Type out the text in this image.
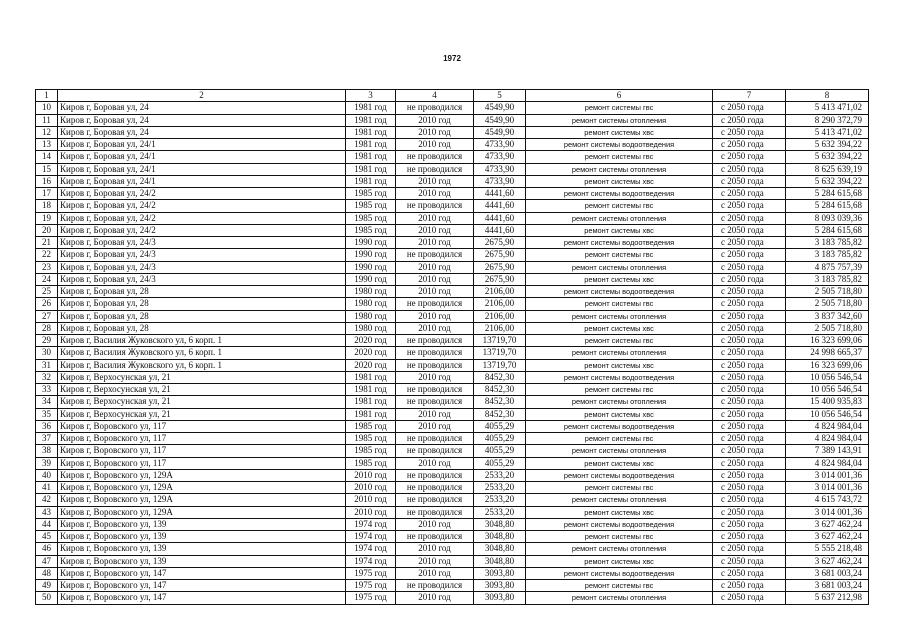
1972
1	2	3	4	5	6	7	8
10	Киров г, Боровая ул, 24	1981 год	не проводился	4549,90	ремонт системы гвс	с 2050 года	5 413 471,02
11	Киров г, Боровая ул, 24	1981 год	2010 год	4549,90	ремонт системы отопления	с 2050 года	8 290 372,79
12	Киров г, Боровая ул, 24	1981 год	2010 год	4549,90	ремонт системы хвс	с 2050 года	5 413 471,02
13	Киров г, Боровая ул, 24/1	1981 год	2010 год	4733,90	ремонт системы водоотведения	с 2050 года	5 632 394,22
14	Киров г, Боровая ул, 24/1	1981 год	не проводился	4733,90	ремонт системы гвс	с 2050 года	5 632 394,22
15	Киров г, Боровая ул, 24/1	1981 год	не проводился	4733,90	ремонт системы отопления	с 2050 года	8 625 639,19
16	Киров г, Боровая ул, 24/1	1981 год	2010 год	4733,90	ремонт системы хвс	с 2050 года	5 632 394,22
17	Киров г, Боровая ул, 24/2	1985 год	2010 год	4441,60	ремонт системы водоотведения	с 2050 года	5 284 615,68
18	Киров г, Боровая ул, 24/2	1985 год	не проводился	4441,60	ремонт системы гвс	с 2050 года	5 284 615,68
19	Киров г, Боровая ул, 24/2	1985 год	2010 год	4441,60	ремонт системы отопления	с 2050 года	8 093 039,36
20	Киров г, Боровая ул, 24/2	1985 год	2010 год	4441,60	ремонт системы хвс	с 2050 года	5 284 615,68
21	Киров г, Боровая ул, 24/3	1990 год	2010 год	2675,90	ремонт системы водоотведения	с 2050 года	3 183 785,82
22	Киров г, Боровая ул, 24/3	1990 год	не проводился	2675,90	ремонт системы гвс	с 2050 года	3 183 785,82
23	Киров г, Боровая ул, 24/3	1990 год	2010 год	2675,90	ремонт системы отопления	с 2050 года	4 875 757,39
24	Киров г, Боровая ул, 24/3	1990 год	2010 год	2675,90	ремонт системы хвс	с 2050 года	3 183 785,82
25	Киров г, Боровая ул, 28	1980 год	2010 год	2106,00	ремонт системы водоотведения	с 2050 года	2 505 718,80
26	Киров г, Боровая ул, 28	1980 год	не проводился	2106,00	ремонт системы гвс	с 2050 года	2 505 718,80
27	Киров г, Боровая ул, 28	1980 год	2010 год	2106,00	ремонт системы отопления	с 2050 года	3 837 342,60
28	Киров г, Боровая ул, 28	1980 год	2010 год	2106,00	ремонт системы хвс	с 2050 года	2 505 718,80
29	Киров г, Василия Жуковского ул, 6 корп. 1	2020 год	не проводился	13719,70	ремонт системы гвс	с 2050 года	16 323 699,06
30	Киров г, Василия Жуковского ул, 6 корп. 1	2020 год	не проводился	13719,70	ремонт системы отопления	с 2050 года	24 998 665,37
31	Киров г, Василия Жуковского ул, 6 корп. 1	2020 год	не проводился	13719,70	ремонт системы хвс	с 2050 года	16 323 699,06
32	Киров г, Верхосунская ул, 21	1981 год	2010 год	8452,30	ремонт системы водоотведения	с 2050 года	10 056 546,54
33	Киров г, Верхосунская ул, 21	1981 год	не проводился	8452,30	ремонт системы гвс	с 2050 года	10 056 546,54
34	Киров г, Верхосунская ул, 21	1981 год	не проводился	8452,30	ремонт системы отопления	с 2050 года	15 400 935,83
35	Киров г, Верхосунская ул, 21	1981 год	2010 год	8452,30	ремонт системы хвс	с 2050 года	10 056 546,54
36	Киров г, Воровского ул, 117	1985 год	2010 год	4055,29	ремонт системы водоотведения	с 2050 года	4 824 984,04
37	Киров г, Воровского ул, 117	1985 год	не проводился	4055,29	ремонт системы гвс	с 2050 года	4 824 984,04
38	Киров г, Воровского ул, 117	1985 год	не проводился	4055,29	ремонт системы отопления	с 2050 года	7 389 143,91
39	Киров г, Воровского ул, 117	1985 год	2010 год	4055,29	ремонт системы хвс	с 2050 года	4 824 984,04
40	Киров г, Воровского ул, 129А	2010 год	не проводился	2533,20	ремонт системы водоотведения	с 2050 года	3 014 001,36
41	Киров г, Воровского ул, 129А	2010 год	не проводился	2533,20	ремонт системы гвс	с 2050 года	3 014 001,36
42	Киров г, Воровского ул, 129А	2010 год	не проводился	2533,20	ремонт системы отопления	с 2050 года	4 615 743,72
43	Киров г, Воровского ул, 129А	2010 год	не проводился	2533,20	ремонт системы хвс	с 2050 года	3 014 001,36
44	Киров г, Воровского ул, 139	1974 год	2010 год	3048,80	ремонт системы водоотведения	с 2050 года	3 627 462,24
45	Киров г, Воровского ул, 139	1974 год	не проводился	3048,80	ремонт системы гвс	с 2050 года	3 627 462,24
46	Киров г, Воровского ул, 139	1974 год	2010 год	3048,80	ремонт системы отопления	с 2050 года	5 555 218,48
47	Киров г, Воровского ул, 139	1974 год	2010 год	3048,80	ремонт системы хвс	с 2050 года	3 627 462,24
48	Киров г, Воровского ул, 147	1975 год	2010 год	3093,80	ремонт системы водоотведения	с 2050 года	3 681 003,24
49	Киров г, Воровского ул, 147	1975 год	не проводился	3093,80	ремонт системы гвс	с 2050 года	3 681 003,24
50	Киров г, Воровского ул, 147	1975 год	2010 год	3093,80	ремонт системы отопления	с 2050 года	5 637 212,98
